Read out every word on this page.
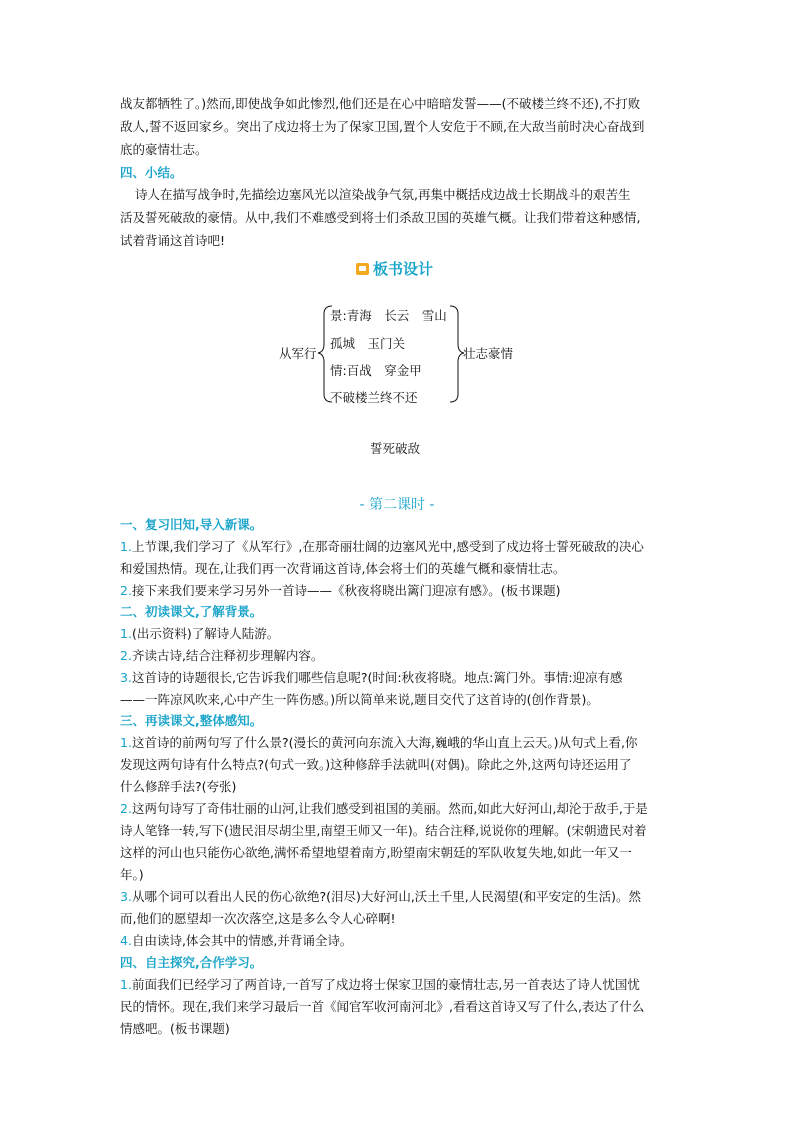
战友都牺牲了。)然而,即使战争如此惨烈,他们还是在心中暗暗发誓——(不破楼兰终不还),不打败
敌人,誓不返回家乡。突出了戍边将士为了保家卫国,置个人安危于不顾,在大敌当前时决心奋战到
底的豪情壮志。
四、小结。
诗人在描写战争时,先描绘边塞风光以渲染战争气氛,再集中概括戍边战士长期战斗的艰苦生
活及誓死破敌的豪情。从中,我们不难感受到将士们杀敌卫国的英雄气概。让我们带着这种感情,
试着背诵这首诗吧!
板书设计
从军行
景:青海　长云　雪山
孤城　玉门关
情:百战　穿金甲
不破楼兰终不还
壮志豪情
誓死破敌
- 第二课时 -
一、复习旧知,导入新课。
1.上节课,我们学习了《从军行》,在那奇丽壮阔的边塞风光中,感受到了戍边将士誓死破敌的决心
和爱国热情。现在,让我们再一次背诵这首诗,体会将士们的英雄气概和豪情壮志。
2.接下来我们要来学习另外一首诗——《秋夜将晓出篱门迎凉有感》。(板书课题)
二、初读课文,了解背景。
1.(出示资料)了解诗人陆游。
2.齐读古诗,结合注释初步理解内容。
3.这首诗的诗题很长,它告诉我们哪些信息呢?(时间:秋夜将晓。地点:篱门外。事情:迎凉有感
——一阵凉风吹来,心中产生一阵伤感。)所以简单来说,题目交代了这首诗的(创作背景)。
三、再读课文,整体感知。
1.这首诗的前两句写了什么景?(漫长的黄河向东流入大海,巍峨的华山直上云天。)从句式上看,你
发现这两句诗有什么特点?(句式一致。)这种修辞手法就叫(对偶)。除此之外,这两句诗还运用了
什么修辞手法?(夸张)
2.这两句诗写了奇伟壮丽的山河,让我们感受到祖国的美丽。然而,如此大好河山,却沦于敌手,于是
诗人笔锋一转,写下(遗民泪尽胡尘里,南望王师又一年)。结合注释,说说你的理解。(宋朝遗民对着
这样的河山也只能伤心欲绝,满怀希望地望着南方,盼望南宋朝廷的军队收复失地,如此一年又一
年。)
3.从哪个词可以看出人民的伤心欲绝?(泪尽)大好河山,沃土千里,人民渴望(和平安定的生活)。然
而,他们的愿望却一次次落空,这是多么令人心碎啊!
4.自由读诗,体会其中的情感,并背诵全诗。
四、自主探究,合作学习。
1.前面我们已经学习了两首诗,一首写了戍边将士保家卫国的豪情壮志,另一首表达了诗人忧国忧
民的情怀。现在,我们来学习最后一首《闻官军收河南河北》,看看这首诗又写了什么,表达了什么
情感吧。(板书课题)
